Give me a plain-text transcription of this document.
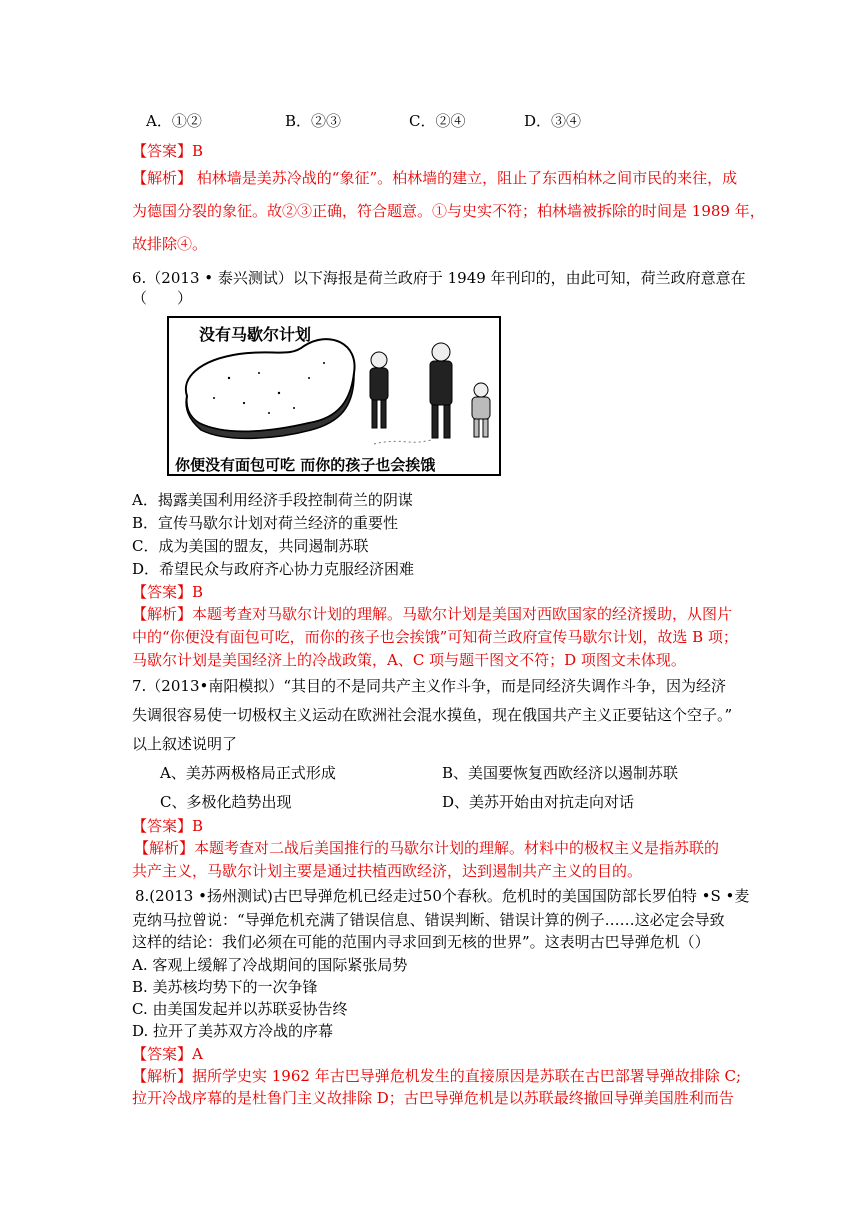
A．①②	B．②③	C．②④	D．③④
【答案】B
【解析】 柏林墙是美苏冷战的“象征”。柏林墙的建立，阻止了东西柏林之间市民的来往，成
为德国分裂的象征。故②③正确，符合题意。①与史实不符；柏林墙被拆除的时间是 1989 年，
故排除④。
6.（2013 • 泰兴测试）以下海报是荷兰政府于 1949 年刊印的，由此可知，荷兰政府意意在
（　　）
没有马歇尔计划
你便没有面包可吃 而你的孩子也会挨饿
A．揭露美国利用经济手段控制荷兰的阴谋
B．宣传马歇尔计划对荷兰经济的重要性
C．成为美国的盟友，共同遏制苏联
D．希望民众与政府齐心协力克服经济困难
【答案】B
【解析】本题考查对马歇尔计划的理解。马歇尔计划是美国对西欧国家的经济援助，从图片
中的“你便没有面包可吃，而你的孩子也会挨饿”可知荷兰政府宣传马歇尔计划，故选 B 项；
马歇尔计划是美国经济上的冷战政策，A、C 项与题干图文不符；D 项图文未体现。
7.（2013•南阳模拟）“其目的不是同共产主义作斗争，而是同经济失调作斗争，因为经济
失调很容易使一切极权主义运动在欧洲社会混水摸鱼，现在俄国共产主义正要钻这个空子。”
以上叙述说明了
A、美苏两极格局正式形成	B、美国要恢复西欧经济以遏制苏联
C、多极化趋势出现	D、美苏开始由对抗走向对话
【答案】B
【解析】本题考查对二战后美国推行的马歇尔计划的理解。材料中的极权主义是指苏联的
共产主义，马歇尔计划主要是通过扶植西欧经济，达到遏制共产主义的目的。
8.(2013 •扬州测试)古巴导弹危机已经走过50个春秋。危机时的美国国防部长罗伯特 •S •麦
克纳马拉曾说：“导弹危机充满了错误信息、错误判断、错误计算的例子……这必定会导致
这样的结论：我们必须在可能的范围内寻求回到无核的世界”。这表明古巴导弹危机（）
A. 客观上缓解了冷战期间的国际紧张局势
B. 美苏核均势下的一次争锋
C. 由美国发起并以苏联妥协告终
D. 拉开了美苏双方冷战的序幕
【答案】A
【解析】据所学史实 1962 年古巴导弹危机发生的直接原因是苏联在古巴部署导弹故排除 C;
拉开冷战序幕的是杜鲁门主义故排除 D；古巴导弹危机是以苏联最终撤回导弹美国胜利而告
